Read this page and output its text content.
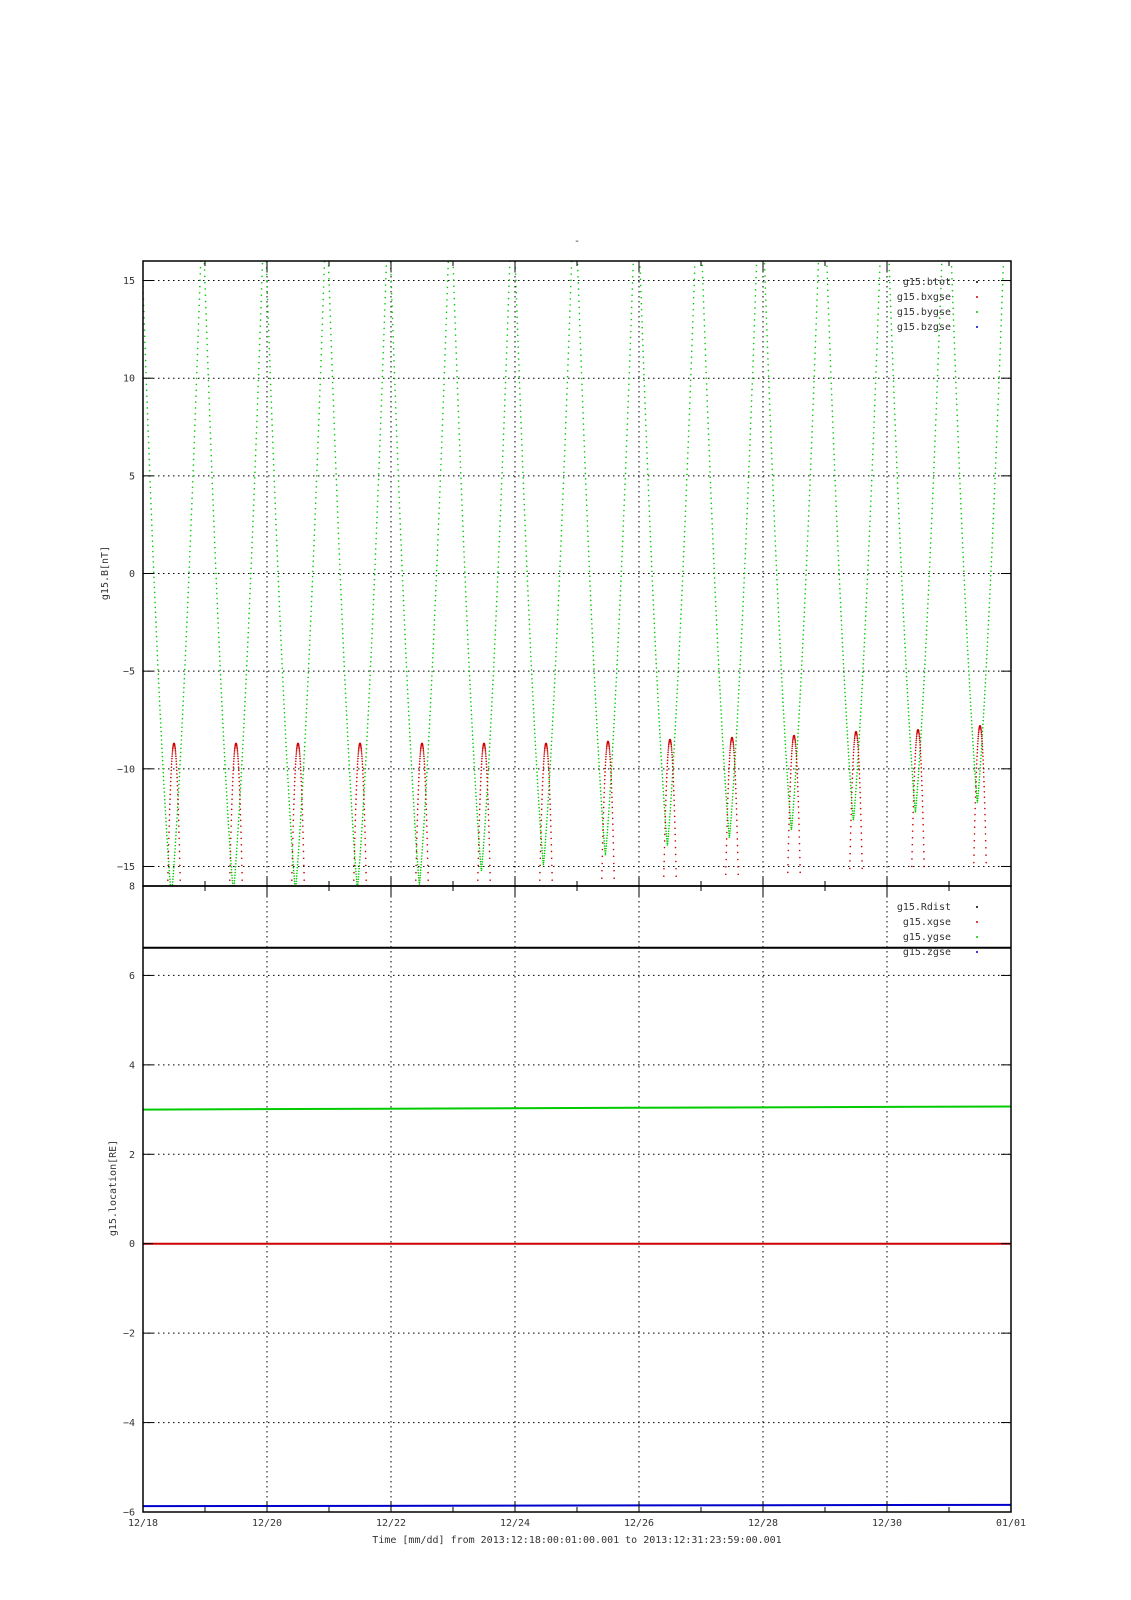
-
−15
−10
−5
0
5
10
15
g15.B[nT]
g15.btot
g15.bxgse
g15.bygse
g15.bzgse
−6
−4
−2
0
2
4
6
8
g15.location[RE]
g15.Rdist
g15.xgse
g15.ygse
g15.zgse
12/18	12/20	12/22	12/24	12/26	12/28	12/30	01/01
Time [mm/dd] from 2013:12:18:00:01:00.001 to 2013:12:31:23:59:00.001
